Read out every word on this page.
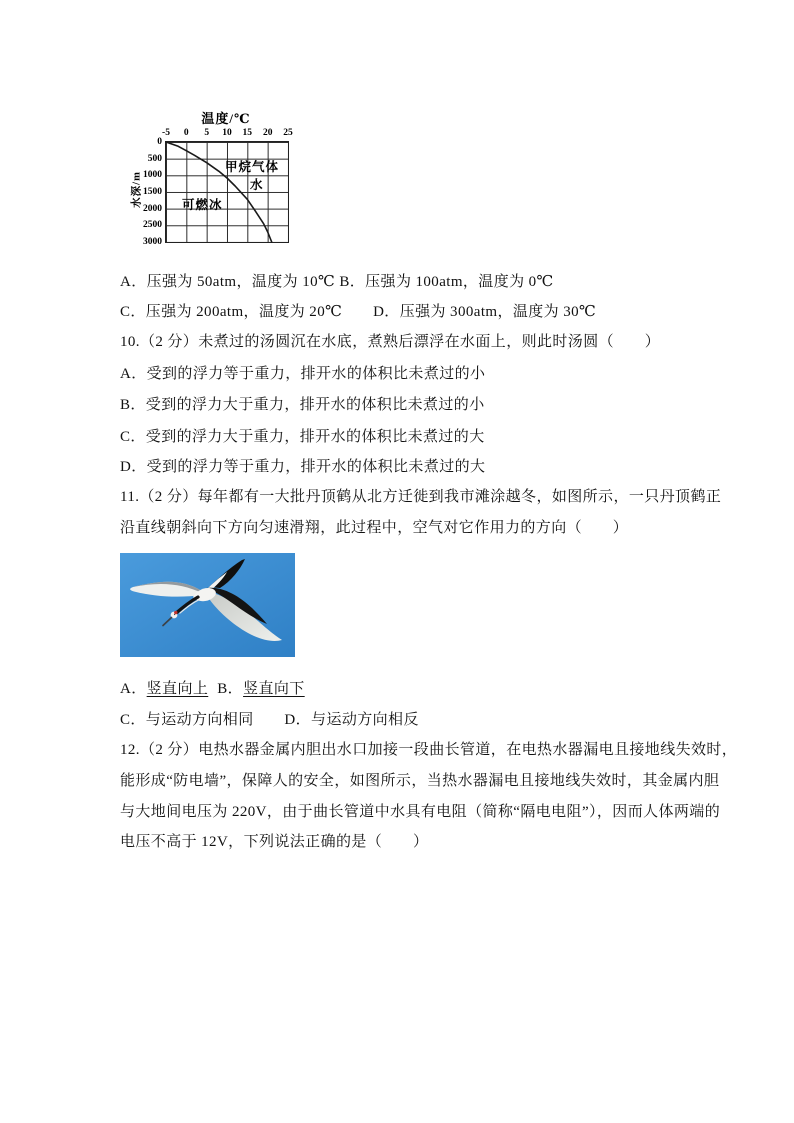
温度/℃
水深/m
-5	0	5	10	15	20	25
0
500
1000
1500
2000
2500
3000
甲烷气体
水
可燃冰
A．压强为 50atm，温度为 10℃ B．压强为 100atm，温度为 0℃
C．压强为 200atm，温度为 20℃　　D．压强为 300atm，温度为 30℃
10.（2 分）未煮过的汤圆沉在水底，煮熟后漂浮在水面上，则此时汤圆（　　）
A．受到的浮力等于重力，排开水的体积比未煮过的小
B．受到的浮力大于重力，排开水的体积比未煮过的小
C．受到的浮力大于重力，排开水的体积比未煮过的大
D．受到的浮力等于重力，排开水的体积比未煮过的大
11.（2 分）每年都有一大批丹顶鹤从北方迁徙到我市滩涂越冬，如图所示，一只丹顶鹤正
沿直线朝斜向下方向匀速滑翔，此过程中，空气对它作用力的方向（　　）
A．竖直向上 B．竖直向下
C．与运动方向相同　　D．与运动方向相反
12.（2 分）电热水器金属内胆出水口加接一段曲长管道，在电热水器漏电且接地线失效时，
能形成“防电墙”，保障人的安全，如图所示，当热水器漏电且接地线失效时，其金属内胆
与大地间电压为 220V，由于曲长管道中水具有电阻（简称“隔电电阻”），因而人体两端的
电压不高于 12V，下列说法正确的是（　　）
